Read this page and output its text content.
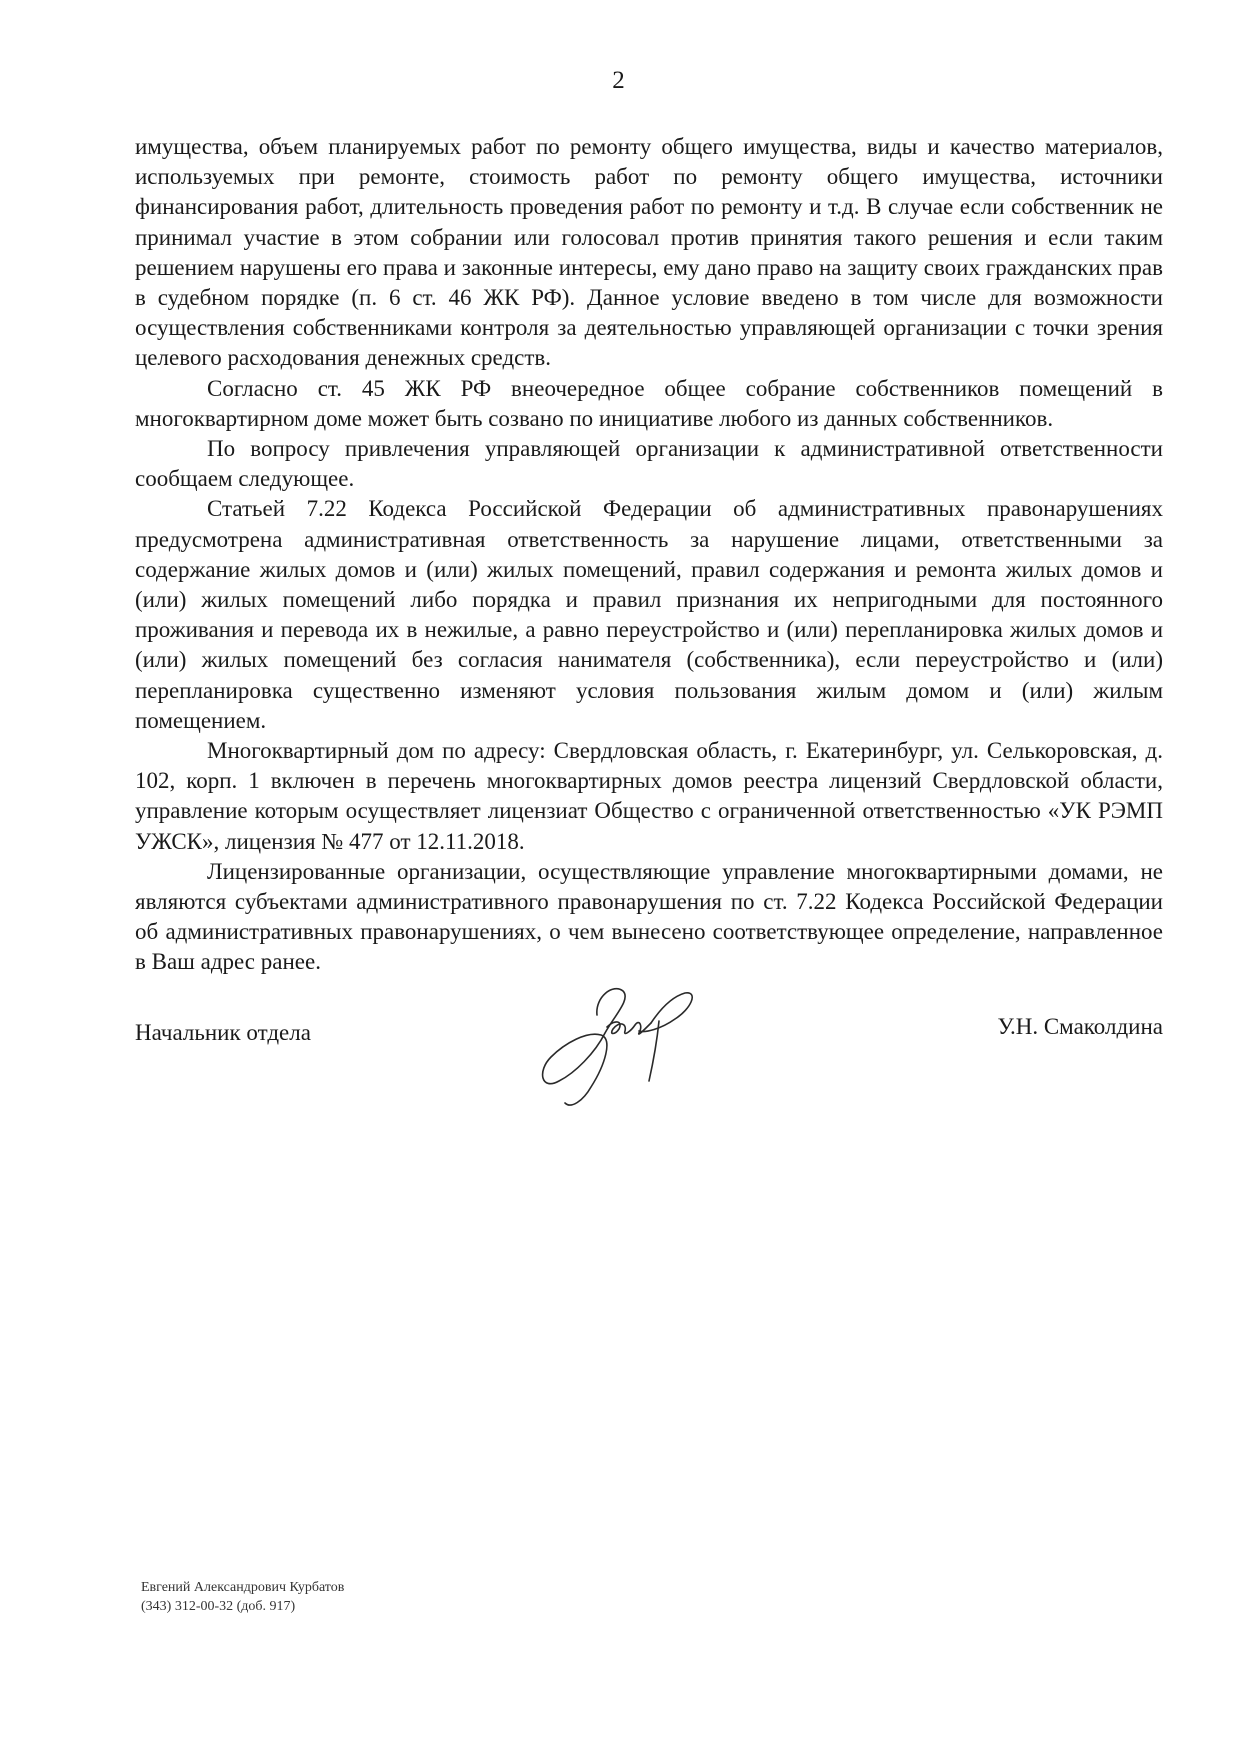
2

имущества, объем планируемых работ по ремонту общего имущества, виды и качество материалов, используемых при ремонте, стоимость работ по ремонту общего имущества, источники финансирования работ, длительность проведения работ по ремонту и т.д. В случае если собственник не принимал участие в этом собрании или голосовал против принятия такого решения и если таким решением нарушены его права и законные интересы, ему дано право на защиту своих гражданских прав в судебном порядке (п. 6 ст. 46 ЖК РФ). Данное условие введено в том числе для возможности осуществления собственниками контроля за деятельностью управляющей организации с точки зрения целевого расходования денежных средств.

Согласно ст. 45 ЖК РФ внеочередное общее собрание собственников помещений в многоквартирном доме может быть созвано по инициативе любого из данных собственников.

По вопросу привлечения управляющей организации к административной ответственности сообщаем следующее.

Статьей 7.22 Кодекса Российской Федерации об административных правонарушениях предусмотрена административная ответственность за нарушение лицами, ответственными за содержание жилых домов и (или) жилых помещений, правил содержания и ремонта жилых домов и (или) жилых помещений либо порядка и правил признания их непригодными для постоянного проживания и перевода их в нежилые, а равно переустройство и (или) перепланировка жилых домов и (или) жилых помещений без согласия нанимателя (собственника), если переустройство и (или) перепланировка существенно изменяют условия пользования жилым домом и (или) жилым помещением.

Многоквартирный дом по адресу: Свердловская область, г. Екатеринбург, ул. Селькоровская, д. 102, корп. 1 включен в перечень многоквартирных домов реестра лицензий Свердловской области, управление которым осуществляет лицензиат Общество с ограниченной ответственностью «УК РЭМП УЖСК», лицензия № 477 от 12.11.2018.

Лицензированные организации, осуществляющие управление многоквартирными домами, не являются субъектами административного правонарушения по ст. 7.22 Кодекса Российской Федерации об административных правонарушениях, о чем вынесено соответствующее определение, направленное в Ваш адрес ранее.

Начальник отдела	У.Н. Смаколдина
Евгений Александрович Курбатов
(343) 312-00-32 (доб. 917)
